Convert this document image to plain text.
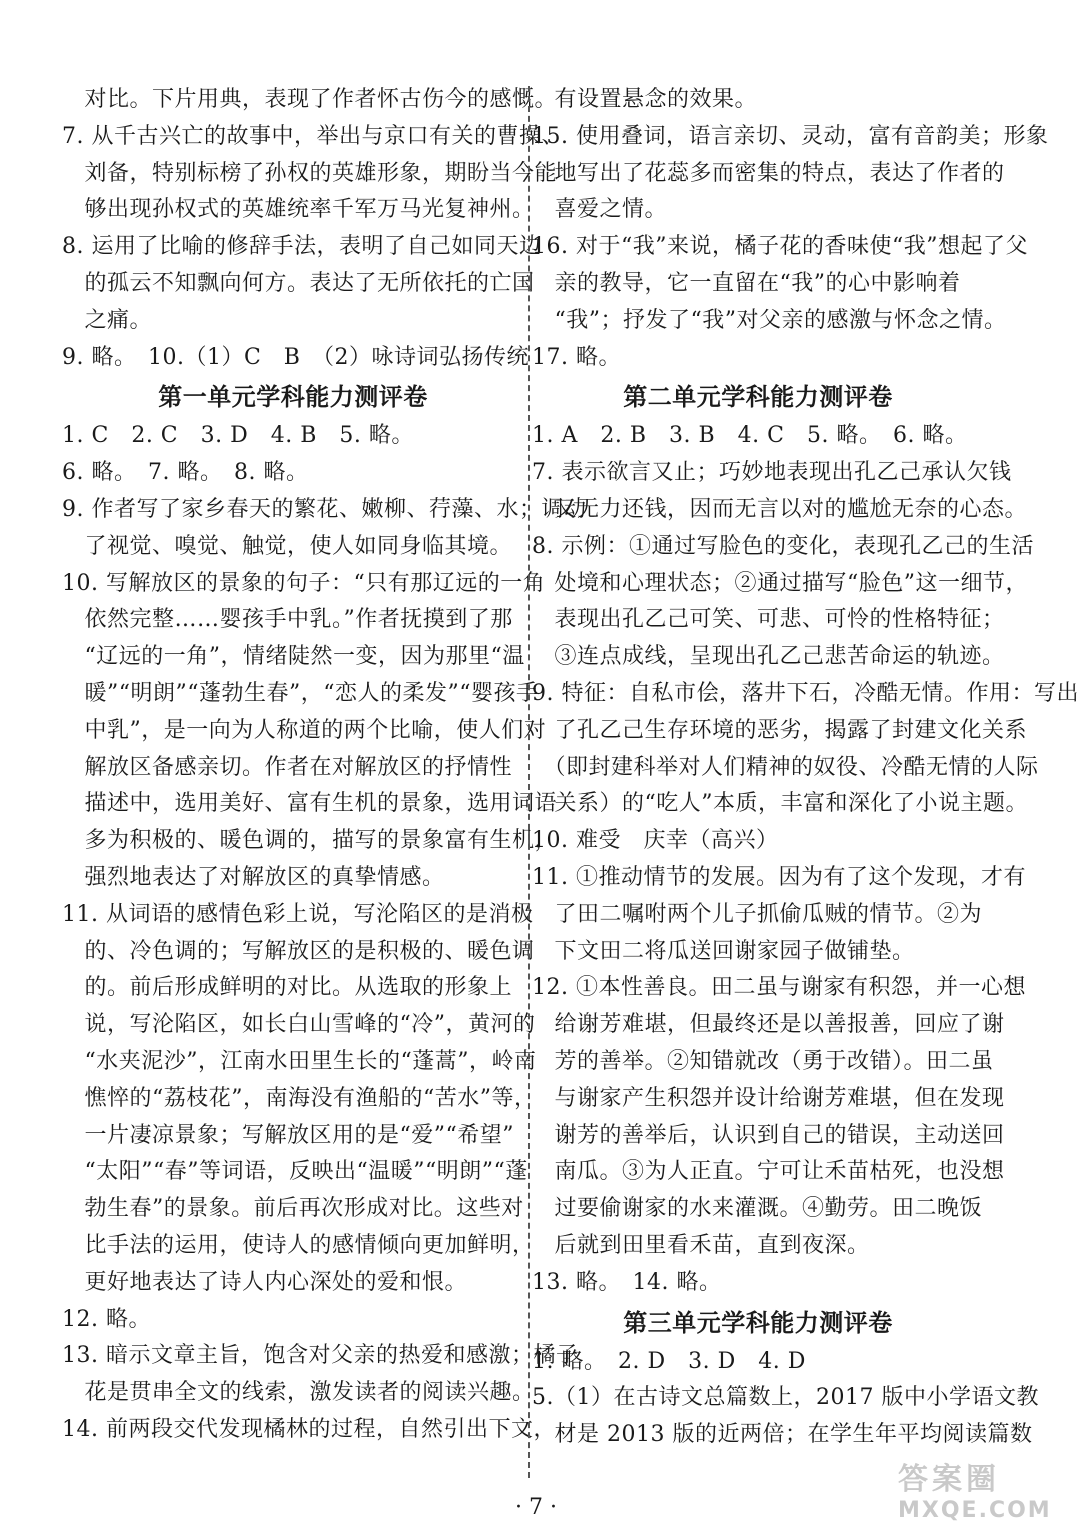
　对比。下片用典，表现了作者怀古伤今的感慨。
7. 从千古兴亡的故事中，举出与京口有关的曹操、
　刘备，特别标榜了孙权的英雄形象，期盼当今能
　够出现孙权式的英雄统率千军万马光复神州。
8. 运用了比喻的修辞手法，表明了自己如同天边
　的孤云不知飘向何方。表达了无所依托的亡国
　之痛。
9. 略。　10.（1）C　B　（2）咏诗词弘扬传统
第一单元学科能力测评卷
1. C　2. C　3. D　4. B　5. 略。
6. 略。　7. 略。　8. 略。
9. 作者写了家乡春天的繁花、嫩柳、荇藻、水；调动
　了视觉、嗅觉、触觉，使人如同身临其境。
10. 写解放区的景象的句子：“只有那辽远的一角
　依然完整……婴孩手中乳。”作者抚摸到了那
　“辽远的一角”，情绪陡然一变，因为那里“温
　暖”“明朗”“蓬勃生春”，“恋人的柔发”“婴孩手
　中乳”，是一向为人称道的两个比喻，使人们对
　解放区备感亲切。作者在对解放区的抒情性
　描述中，选用美好、富有生机的景象，选用词语
　多为积极的、暖色调的，描写的景象富有生机，
　强烈地表达了对解放区的真挚情感。
11. 从词语的感情色彩上说，写沦陷区的是消极
　的、冷色调的；写解放区的是积极的、暖色调
　的。前后形成鲜明的对比。从选取的形象上
　说，写沦陷区，如长白山雪峰的“冷”，黄河的
　“水夹泥沙”，江南水田里生长的“蓬蒿”，岭南
　憔悴的“荔枝花”，南海没有渔船的“苦水”等，
　一片凄凉景象；写解放区用的是“爱”“希望”
　“太阳”“春”等词语，反映出“温暖”“明朗”“蓬
　勃生春”的景象。前后再次形成对比。这些对
　比手法的运用，使诗人的感情倾向更加鲜明，
　更好地表达了诗人内心深处的爱和恨。
12. 略。
13. 暗示文章主旨，饱含对父亲的热爱和感激；橘子
　花是贯串全文的线索，激发读者的阅读兴趣。
14. 前两段交代发现橘林的过程，自然引出下文，
　有设置悬念的效果。
15. 使用叠词，语言亲切、灵动，富有音韵美；形象
　地写出了花蕊多而密集的特点，表达了作者的
　喜爱之情。
16. 对于“我”来说，橘子花的香味使“我”想起了父
　亲的教导，它一直留在“我”的心中影响着
　“我”；抒发了“我”对父亲的感激与怀念之情。
17. 略。
第二单元学科能力测评卷
1. A　2. B　3. B　4. C　5. 略。　6. 略。
7. 表示欲言又止；巧妙地表现出孔乙己承认欠钱
　又无力还钱，因而无言以对的尴尬无奈的心态。
8. 示例：①通过写脸色的变化，表现孔乙己的生活
　处境和心理状态；②通过描写“脸色”这一细节，
　表现出孔乙己可笑、可悲、可怜的性格特征；
　③连点成线，呈现出孔乙己悲苦命运的轨迹。
9. 特征：自私市侩，落井下石，冷酷无情。作用：写出
　了孔乙己生存环境的恶劣，揭露了封建文化关系
　（即封建科举对人们精神的奴役、冷酷无情的人际
　关系）的“吃人”本质，丰富和深化了小说主题。
10. 难受　庆幸（高兴）
11. ①推动情节的发展。因为有了这个发现，才有
　了田二嘱咐两个儿子抓偷瓜贼的情节。②为
　下文田二将瓜送回谢家园子做铺垫。
12. ①本性善良。田二虽与谢家有积怨，并一心想
　给谢芳难堪，但最终还是以善报善，回应了谢
　芳的善举。②知错就改（勇于改错）。田二虽
　与谢家产生积怨并设计给谢芳难堪，但在发现
　谢芳的善举后，认识到自己的错误，主动送回
　南瓜。③为人正直。宁可让禾苗枯死，也没想
　过要偷谢家的水来灌溉。④勤劳。田二晚饭
　后就到田里看禾苗，直到夜深。
13. 略。　14. 略。
第三单元学科能力测评卷
1. 略。　2. D　3. D　4. D
5.（1）在古诗文总篇数上，2017 版中小学语文教
　材是 2013 版的近两倍；在学生年平均阅读篇数
· 7 ·
答案圈
MXQE.COM
